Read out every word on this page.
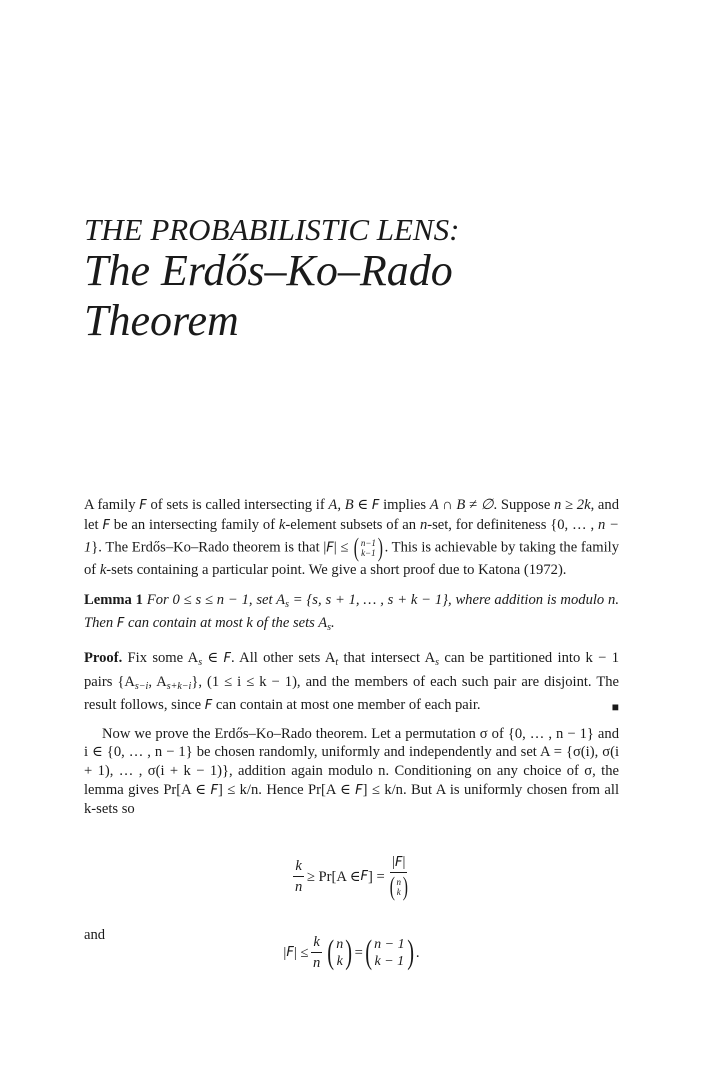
THE PROBABILISTIC LENS:
The Erdős–Ko–Rado
Theorem

A family F of sets is called intersecting if A, B ∈ F implies A ∩ B ≠ ∅. Suppose n ≥ 2k, and let F be an intersecting family of k-element subsets of an n-set, for definiteness {0, … , n − 1}. The Erdős–Ko–Rado theorem is that |F| ≤ ( n−1
k−1 ) . This is achievable by taking the family of k-sets containing a particular point. We give a short proof due to Katona (1972).

Lemma 1 For 0 ≤ s ≤ n − 1, set $A_s = \{s$, s + 1, … , s + k − 1}, where addition is modulo n. Then F can contain at most k of the sets $A_s$.

Proof. Fix some $A_s$ ∈ F. All other sets $A_t$ that intersect $A_s$ can be partitioned into k − 1 pairs {$A_{s-i}$, $A_{s+k-i}$}, (1 ≤ i ≤ k − 1), and the members of each such pair are disjoint. The result follows, since F can contain at most one member of each pair.	■

Now we prove the Erdős–Ko–Rado theorem. Let a permutation σ of {0, … , n − 1} and i ∈ {0, … , n − 1} be chosen randomly, uniformly and independently and set A = {σ(i), σ(i + 1), … , σ(i + k − 1)}, addition again modulo n. Conditioning on any choice of σ, the lemma gives Pr[A ∈ F] ≤ k/n. Hence Pr[A ∈ F] ≤ k/n. But A is uniformly chosen from all k-sets so

$\frac{k}{n} \ge Pr[A$ ∈ F ] = |F|
( n
k )
and
| F | ≤ $\frac{k}{n}$ ( n
k ) = ( n − 1
k − 1 ) .
